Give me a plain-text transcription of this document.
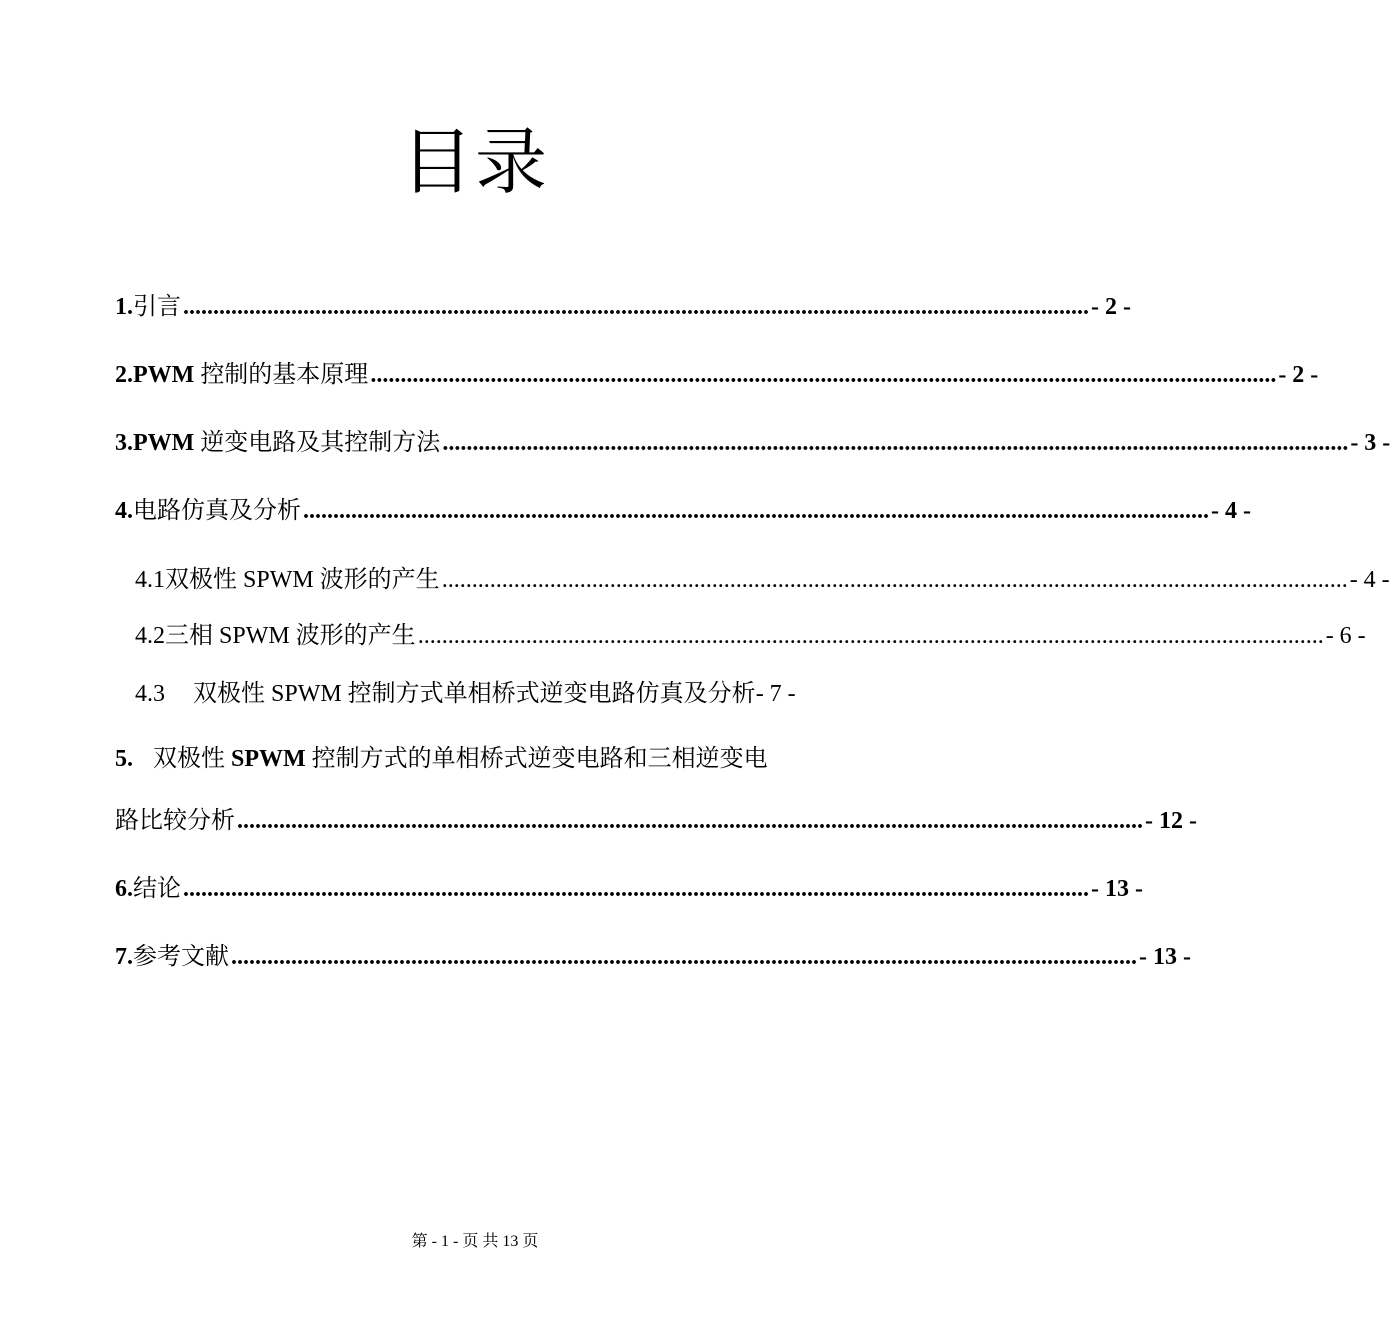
目录
1. 引言 ....................................................................................................................................................... - 2 -
2. PWM 控制的基本原理 ....................................................................................................................................................... - 2 -
3. PWM 逆变电路及其控制方法 ....................................................................................................................................................... - 3 -
4. 电路仿真及分析 ....................................................................................................................................................... - 4 -
4.1 双极性 SPWM 波形的产生 ....................................................................................................................................................... - 4 -
4.2 三相 SPWM 波形的产生 ....................................................................................................................................................... - 6 -
4.3	双极性 SPWM 控制方式单相桥式逆变电路仿真及分析 - 7 -
5. 双极性 SPWM 控制方式的单相桥式逆变电路和三相逆变电
路比较分析 ....................................................................................................................................................... - 12 -
6. 结论 ....................................................................................................................................................... - 13 -
7. 参考文献 ....................................................................................................................................................... - 13 -
第 - 1 - 页 共 13 页
